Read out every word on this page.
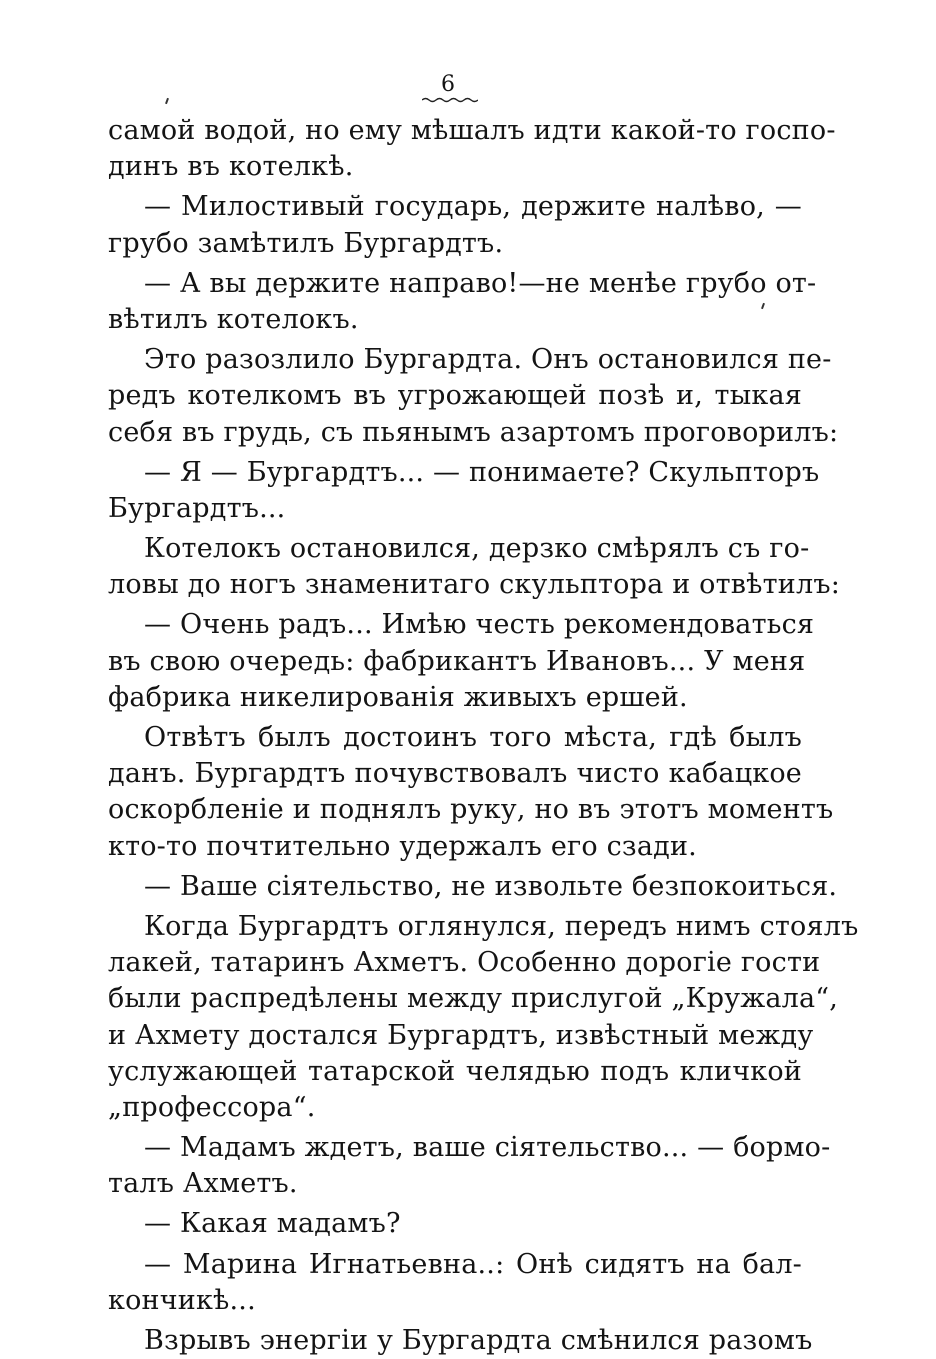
6
самой водой, но ему мѣшалъ идти какой-то госпо-
динъ въ котелкѣ.
— Милостивый государь, держите налѣво, —
грубо замѣтилъ Бургардтъ.
— А вы держите направо!—не менѣе грубо от-
вѣтилъ котелокъ.
Это разозлило Бургардта. Онъ остановился пе-
редъ котелкомъ въ угрожающей позѣ и, тыкая
себя въ грудь, съ пьянымъ азартомъ проговорилъ:
— Я — Бургардтъ... — понимаете? Скульпторъ
Бургардтъ...
Котелокъ остановился, дерзко смѣрялъ съ го-
ловы до ногъ знаменитаго скульптора и отвѣтилъ:
— Очень радъ... Имѣю честь рекомендоваться
въ свою очередь: фабрикантъ Ивановъ... У меня
фабрика никелированія живыхъ ершей.
Отвѣтъ былъ достоинъ того мѣста, гдѣ былъ
данъ. Бургардтъ почувствовалъ чисто кабацкое
оскорбленіе и поднялъ руку, но въ этотъ моментъ
кто-то почтительно удержалъ его сзади.
— Ваше сіятельство, не извольте безпокоиться.
Когда Бургардтъ оглянулся, передъ нимъ стоялъ
лакей, татаринъ Ахметъ. Особенно дорогіе гости
были распредѣлены между прислугой „Кружала“,
и Ахмету достался Бургардтъ, извѣстный между
услужающей татарской челядью подъ кличкой
„профессора“.
— Мадамъ ждетъ, ваше сіятельство... — бормо-
талъ Ахметъ.
— Какая мадамъ?
— Марина Игнатьевна..: Онѣ сидятъ на бал-
кончикѣ...
Взрывъ энергіи у Бургардта смѣнился разомъ
